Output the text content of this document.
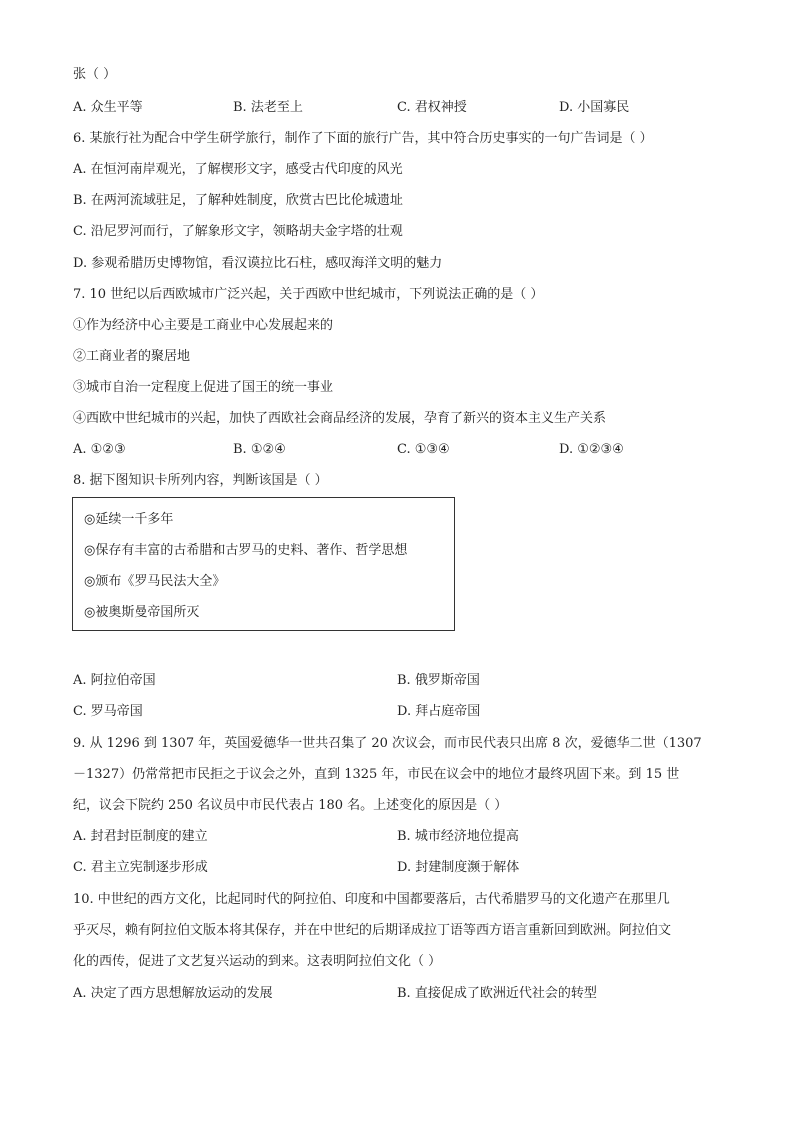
张（ ）
A. 众生平等	B. 法老至上	C. 君权神授	D. 小国寡民
6. 某旅行社为配合中学生研学旅行，制作了下面的旅行广告，其中符合历史事实的一句广告词是（ ）
A. 在恒河南岸观光，了解楔形文字，感受古代印度的风光
B. 在两河流域驻足，了解种姓制度，欣赏古巴比伦城遗址
C. 沿尼罗河而行，了解象形文字，领略胡夫金字塔的壮观
D. 参观希腊历史博物馆，看汉谟拉比石柱，感叹海洋文明的魅力
7. 10 世纪以后西欧城市广泛兴起，关于西欧中世纪城市，下列说法正确的是（ ）
①作为经济中心主要是工商业中心发展起来的
②工商业者的聚居地
③城市自治一定程度上促进了国王的统一事业
④西欧中世纪城市的兴起，加快了西欧社会商品经济的发展，孕育了新兴的资本主义生产关系
A. ①②③	B. ①②④	C. ①③④	D. ①②③④
8. 据下图知识卡所列内容，判断该国是（ ）
◎延续一千多年
◎保存有丰富的古希腊和古罗马的史料、著作、哲学思想
◎颁布《罗马民法大全》
◎被奥斯曼帝国所灭
A. 阿拉伯帝国	B. 俄罗斯帝国
C. 罗马帝国	D. 拜占庭帝国
9. 从 1296 到 1307 年，英国爱德华一世共召集了 20 次议会，而市民代表只出席 8 次，爱德华二世（1307
－1327）仍常常把市民拒之于议会之外，直到 1325 年，市民在议会中的地位才最终巩固下来。到 15 世
纪，议会下院约 250 名议员中市民代表占 180 名。上述变化的原因是（ ）
A. 封君封臣制度的建立	B. 城市经济地位提高
C. 君主立宪制逐步形成	D. 封建制度濒于解体
10. 中世纪的西方文化，比起同时代的阿拉伯、印度和中国都要落后，古代希腊罗马的文化遗产在那里几
乎灭尽，赖有阿拉伯文版本将其保存，并在中世纪的后期译成拉丁语等西方语言重新回到欧洲。阿拉伯文
化的西传，促进了文艺复兴运动的到来。这表明阿拉伯文化（ ）
A. 决定了西方思想解放运动的发展	B. 直接促成了欧洲近代社会的转型
